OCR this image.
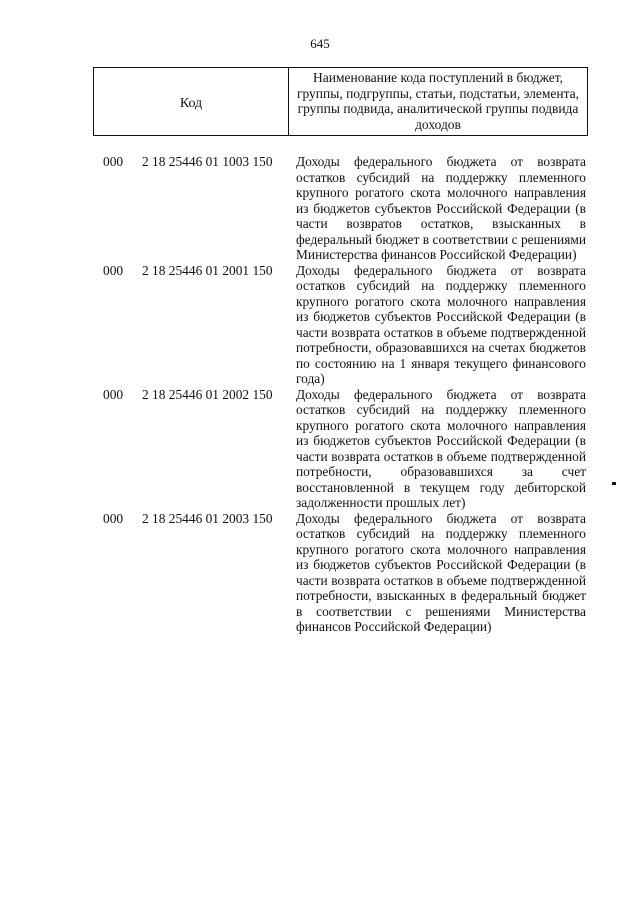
645
Код
Наименование кода поступлений в бюджет, группы, подгруппы, статьи, подстатьи, элемента, группы подвида, аналитической группы подвида доходов
000 2 18 25446 01 1003 150 Доходы федерального бюджета от возврата остатков субсидий на поддержку племенного крупного рогатого скота молочного направления из бюджетов субъектов Российской Федерации (в части возвратов остатков, взысканных в федеральный бюджет в соответствии с решениями Министерства финансов Российской Федерации)
000 2 18 25446 01 2001 150 Доходы федерального бюджета от возврата остатков субсидий на поддержку племенного крупного рогатого скота молочного направления из бюджетов субъектов Российской Федерации (в части возврата остатков в объеме подтвержденной потребности, образовавшихся на счетах бюджетов по состоянию на 1 января текущего финансового года)
000 2 18 25446 01 2002 150 Доходы федерального бюджета от возврата остатков субсидий на поддержку племенного крупного рогатого скота молочного направления из бюджетов субъектов Российской Федерации (в части возврата остатков в объеме подтвержденной потребности, образовавшихся за счет восстановленной в текущем году дебиторской задолженности прошлых лет)
000 2 18 25446 01 2003 150 Доходы федерального бюджета от возврата остатков субсидий на поддержку племенного крупного рогатого скота молочного направления из бюджетов субъектов Российской Федерации (в части возврата остатков в объеме подтвержденной потребности, взысканных в федеральный бюджет в соответствии с решениями Министерства финансов Российской Федерации)
